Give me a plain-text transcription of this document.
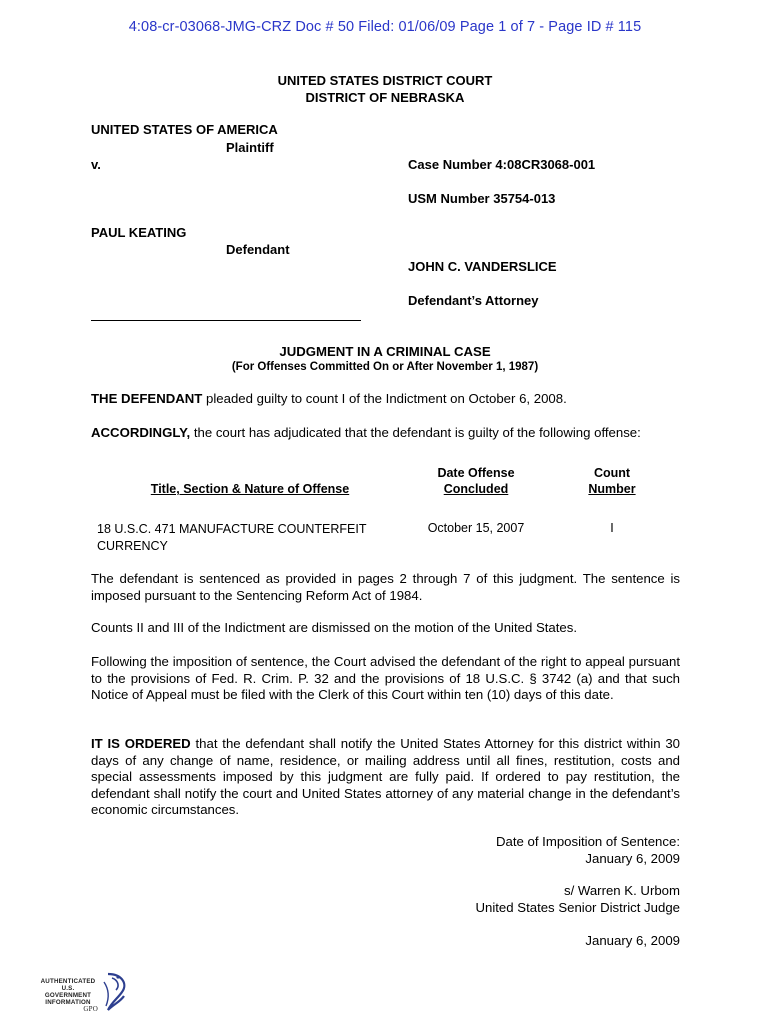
4:08-cr-03068-JMG-CRZ Doc # 50 Filed: 01/06/09 Page 1 of 7 - Page ID # 115
UNITED STATES DISTRICT COURT
DISTRICT OF NEBRASKA
UNITED STATES OF AMERICA
Plaintiff
v.	Case Number 4:08CR3068-001
USM Number 35754-013
PAUL KEATING
Defendant
JOHN C. VANDERSLICE
Defendant’s Attorney
JUDGMENT IN A CRIMINAL CASE
(For Offenses Committed On or After November 1, 1987)
THE DEFENDANT pleaded guilty to count I of the Indictment on October 6, 2008.
ACCORDINGLY, the court has adjudicated that the defendant is guilty of the following offense:
Title, Section & Nature of Offense
Date Offense
Concluded
Count
Number
18 U.S.C. 471 MANUFACTURE COUNTERFEIT
CURRENCY
October 15, 2007	I
The defendant is sentenced as provided in pages 2 through 7 of this judgment. The sentence is imposed pursuant to the Sentencing Reform Act of 1984.
Counts II and III of the Indictment are dismissed on the motion of the United States.
Following the imposition of sentence, the Court advised the defendant of the right to appeal pursuant to the provisions of Fed. R. Crim. P. 32 and the provisions of 18 U.S.C. § 3742 (a) and that such Notice of Appeal must be filed with the Clerk of this Court within ten (10) days of this date.
IT IS ORDERED that the defendant shall notify the United States Attorney for this district within 30 days of any change of name, residence, or mailing address until all fines, restitution, costs and special assessments imposed by this judgment are fully paid. If ordered to pay restitution, the defendant shall notify the court and United States attorney of any material change in the defendant’s economic circumstances.
Date of Imposition of Sentence:
January 6, 2009
s/ Warren K. Urbom
United States Senior District Judge
January 6, 2009
AUTHENTICATED
U.S. GOVERNMENT
INFORMATION
GPO
